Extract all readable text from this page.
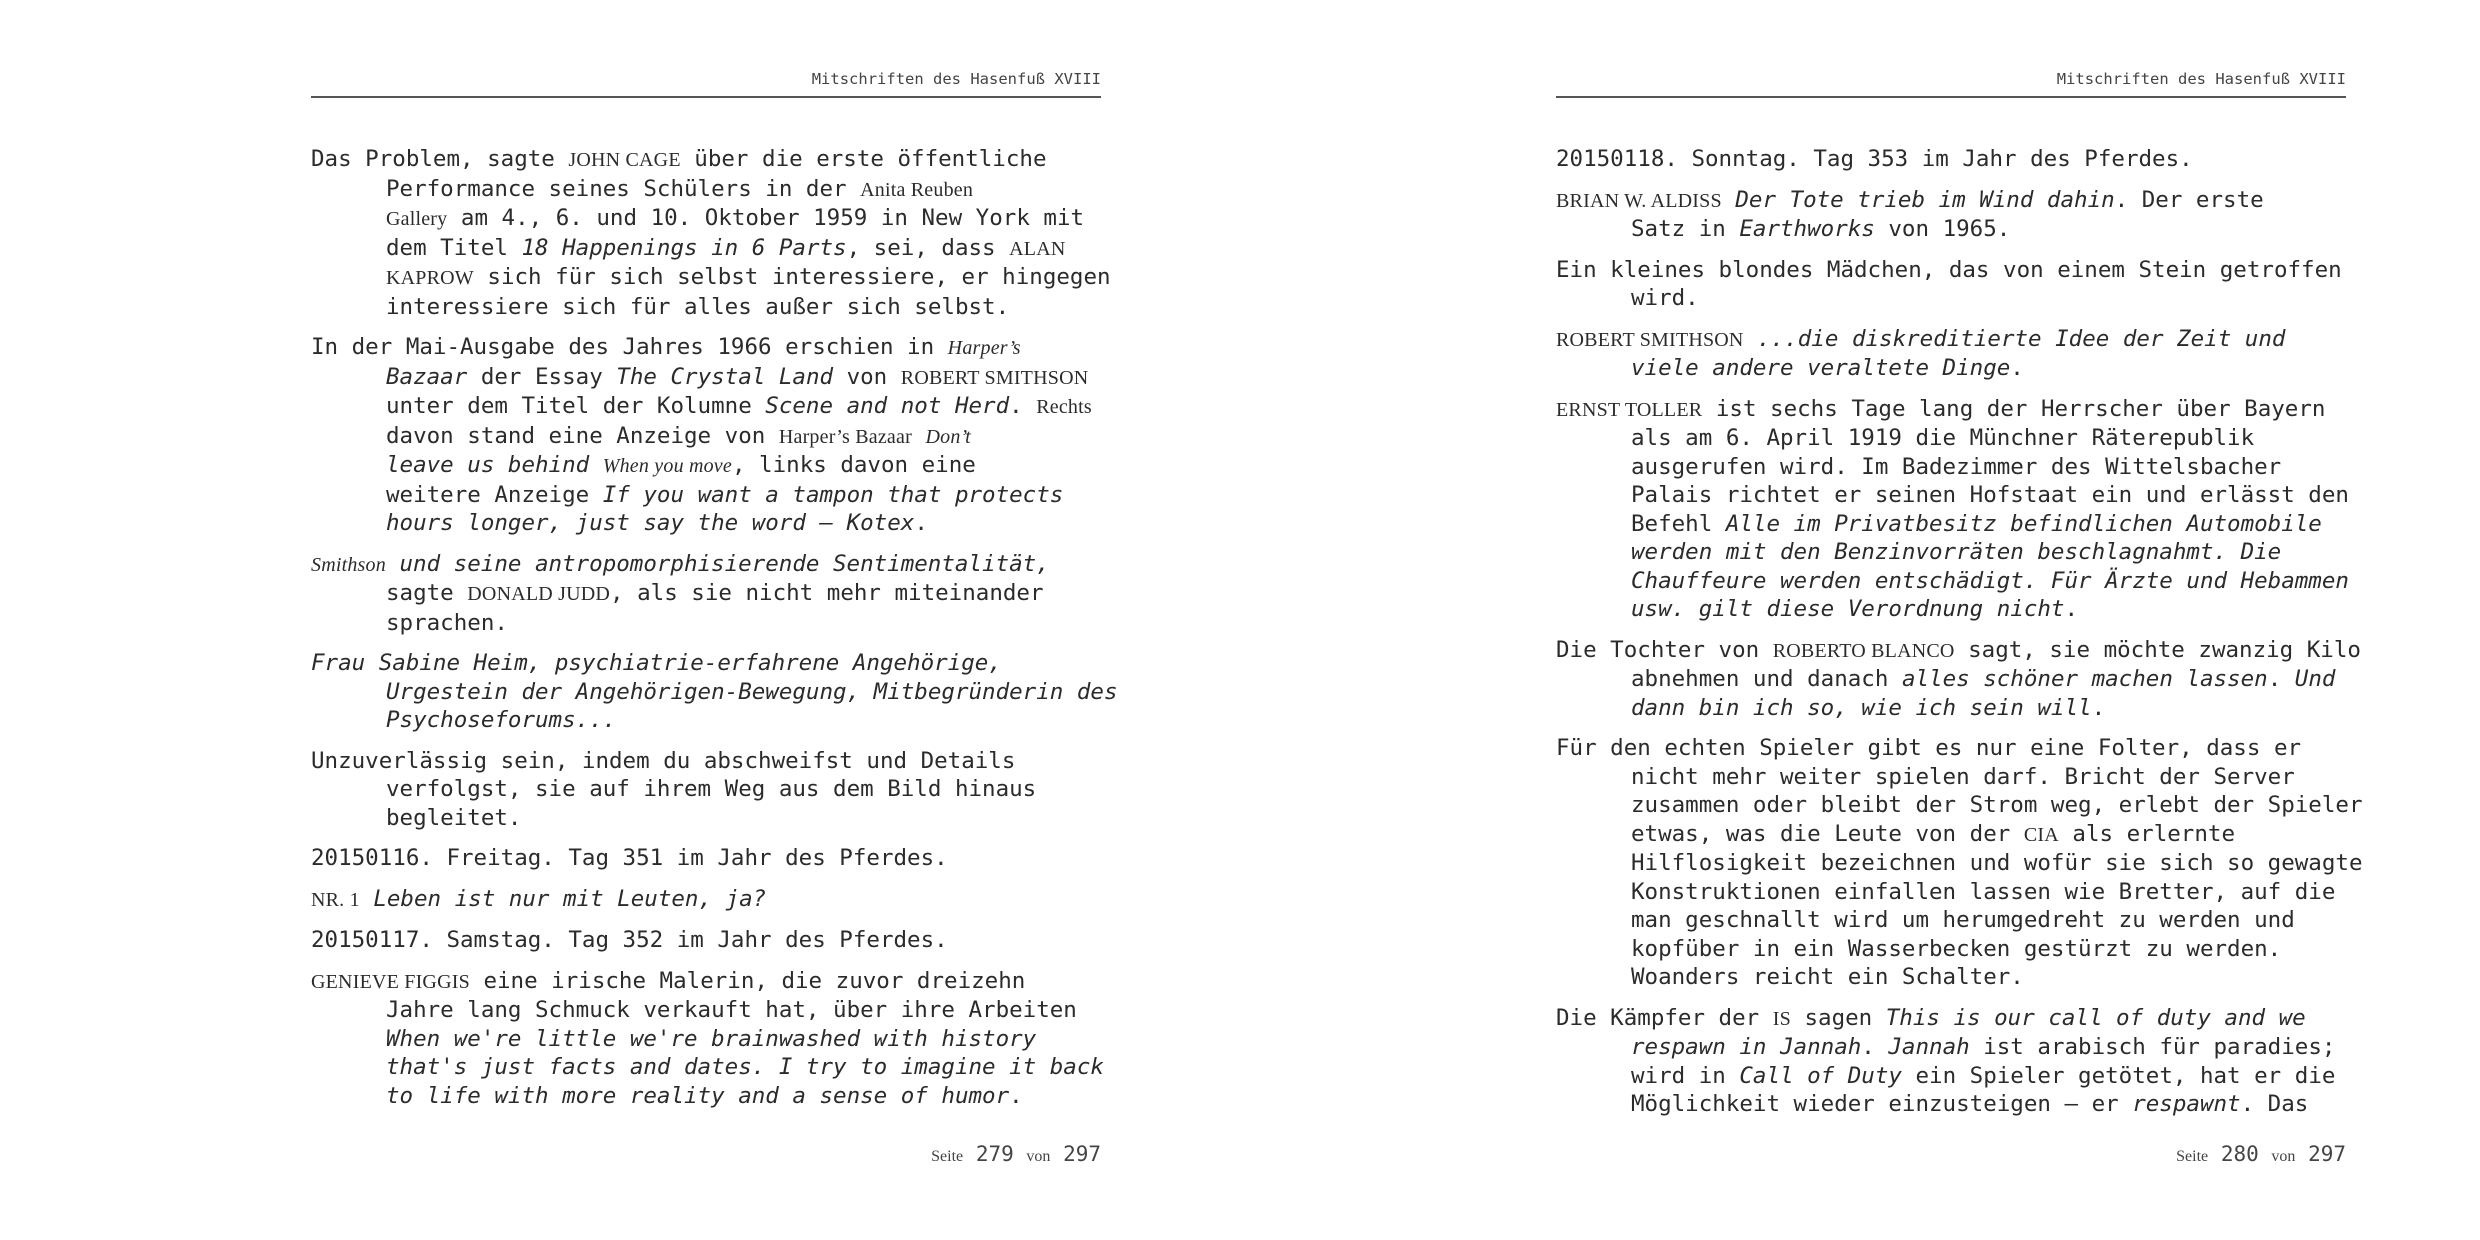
Mitschriften des Hasenfuß XVIII

Das Problem, sagte JOHN CAGE über die erste öffentliche
Performance seines Schülers in der Anita Reuben
Gallery am 4., 6. und 10. Oktober 1959 in New York mit
dem Titel 18 Happenings in 6 Parts, sei, dass ALAN
KAPROW sich für sich selbst interessiere, er hingegen
interessiere sich für alles außer sich selbst.

In der Mai-Ausgabe des Jahres 1966 erschien in Harper’s
Bazaar der Essay The Crystal Land von ROBERT SMITHSON
unter dem Titel der Kolumne Scene and not Herd. Rechts
davon stand eine Anzeige von Harper’s Bazaar Don’t
leave us behind When you move, links davon eine
weitere Anzeige If you want a tampon that protects
hours longer, just say the word – Kotex.

Smithson und seine antropomorphisierende Sentimentalität,
sagte DONALD JUDD, als sie nicht mehr miteinander
sprachen.

Frau Sabine Heim, psychiatrie-erfahrene Angehörige,
Urgestein der Angehörigen-Bewegung, Mitbegründerin des
Psychoseforums...

Unzuverlässig sein, indem du abschweifst und Details
verfolgst, sie auf ihrem Weg aus dem Bild hinaus
begleitet.

20150116. Freitag. Tag 351 im Jahr des Pferdes.

NR. 1 Leben ist nur mit Leuten, ja?

20150117. Samstag. Tag 352 im Jahr des Pferdes.

GENIEVE FIGGIS eine irische Malerin, die zuvor dreizehn
Jahre lang Schmuck verkauft hat, über ihre Arbeiten
When we're little we're brainwashed with history
that's just facts and dates. I try to imagine it back
to life with more reality and a sense of humor.

Seite 279 von 297
Mitschriften des Hasenfuß XVIII

20150118. Sonntag. Tag 353 im Jahr des Pferdes.

BRIAN W. ALDISS Der Tote trieb im Wind dahin. Der erste
Satz in Earthworks von 1965.

Ein kleines blondes Mädchen, das von einem Stein getroffen
wird.

ROBERT SMITHSON ...die diskreditierte Idee der Zeit und
viele andere veraltete Dinge.

ERNST TOLLER ist sechs Tage lang der Herrscher über Bayern
als am 6. April 1919 die Münchner Räterepublik
ausgerufen wird. Im Badezimmer des Wittelsbacher
Palais richtet er seinen Hofstaat ein und erlässt den
Befehl Alle im Privatbesitz befindlichen Automobile
werden mit den Benzinvorräten beschlagnahmt. Die
Chauffeure werden entschädigt. Für Ärzte und Hebammen
usw. gilt diese Verordnung nicht.

Die Tochter von ROBERTO BLANCO sagt, sie möchte zwanzig Kilo
abnehmen und danach alles schöner machen lassen. Und
dann bin ich so, wie ich sein will.

Für den echten Spieler gibt es nur eine Folter, dass er
nicht mehr weiter spielen darf. Bricht der Server
zusammen oder bleibt der Strom weg, erlebt der Spieler
etwas, was die Leute von der CIA als erlernte
Hilflosigkeit bezeichnen und wofür sie sich so gewagte
Konstruktionen einfallen lassen wie Bretter, auf die
man geschnallt wird um herumgedreht zu werden und
kopfüber in ein Wasserbecken gestürzt zu werden.
Woanders reicht ein Schalter.

Die Kämpfer der IS sagen This is our call of duty and we
respawn in Jannah. Jannah ist arabisch für paradies;
wird in Call of Duty ein Spieler getötet, hat er die
Möglichkeit wieder einzusteigen – er respawnt. Das

Seite 280 von 297
